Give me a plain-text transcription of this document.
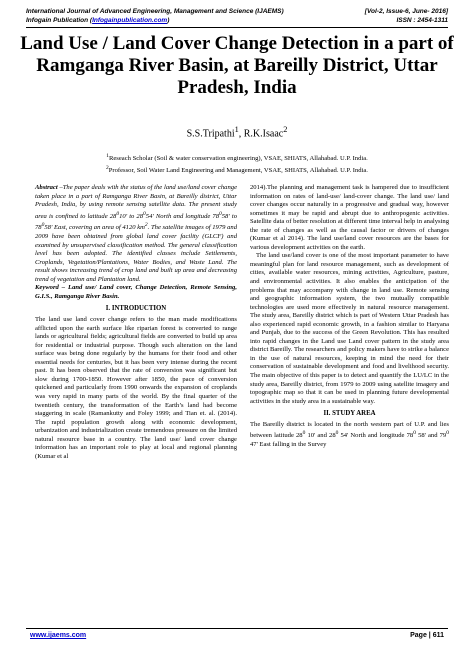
International Journal of Advanced Engineering, Management and Science (IJAEMS)	[Vol-2, Issue-6, June- 2016]
Infogain Publication (Infogainpublication.com)	ISSN : 2454-1311
Land Use / Land Cover Change Detection in a part of Ramganga River Basin, at Bareilly District, Uttar Pradesh, India
S.S.Tripathi$^1$, R.K.Isaac$^2$
$^1$Reseach Scholar (Soil & water conservation engineering), VSAE, SHIATS, Allahabad. U.P. India.
$^2$Professor, Soil Water Land Engineering and Management, VSAE, SHIATS, Allahabad. U.P. India.

Abstract –The paper deals with the status of the land use/land cover change taken place in a part of Ramganga River Basin, at Bareilly district, Uttar Pradesh, India, by using remote sensing satellite data. The present study area is confined to latitude $28^010'$ to $28^054'$ North and longitude $78^058'$ to $78^058'$ East, covering an area of 4120 $km^2$. The satellite images of 1979 and 2009 have been obtained from global land cover facility (GLCF) and examined by unsupervised classification method. The general classification level has been adopted. The identified classes include Settlements, Croplands, Vegetation/Plantations, Water Bodies, and Waste Land. The result shows increasing trend of crop land and built up area and decreasing trend of vegetation and Plantation land.

Keyword – Land use/ Land cover, Change Detection, Remote Sensing, G.I.S., Ramganga River Basin.

I. INTRODUCTION

The land use land cover change refers to the man made modifications afflicted upon the earth surface like riparian forest is converted to range lands or agricultural fields; agricultural fields are converted to build up area for residential or industrial purpose. Though such alteration on the land surface was being done regularly by the humans for their food and other essential needs for centuries, but it has been very intense during the recent past. It has been observed that the rate of conversion was significant but slow during 1700-1850. However after 1850, the pace of conversion quickened and particularly from 1990 onwards the expansion of croplands was very rapid in many parts of the world. By the final quarter of the twentieth century, the transformation of the Earth’s land had become staggering in scale (Ramankutty and Foley 1999; and Tian et. al. (2014). The rapid population growth along with economic development, urbanization and industrialization create tremendous pressure on the limited natural resource base in a country. The land use/ land cover change information has an important role to play at local and regional planning (Kumar et al

2014).The planning and management task is hampered due to insufficient information on rates of land-use/ land-cover change. The land use/ land cover changes occur naturally in a progressive and gradual way, however sometimes it may be rapid and abrupt due to anthropogenic activities. Satellite data of better resolution at different time interval help in analysing the rate of changes as well as the causal factor or drivers of changes (Kumar et al 2014). The land use/land cover resources are the bases for various development activities on the earth.

The land use/land cover is one of the most important parameter to have meaningful plan for land resource management, such as development of cities, available water resources, mining activities, Agriculture, pasture, and environmental activities. It also enables the anticipation of the problems that may accompany with change in land use. Remote sensing and geographic information system, the two mutually compatible technologies are used more effectively in natural resource management. The study area, Bareilly district which is part of Western Uttar Pradesh has also experienced rapid economic growth, in a fashion similar to Haryana and Punjab, due to the success of the Green Revolution. This has resulted into rapid changes in the Land use Land cover pattern in the study area district Bareilly. The researchers and policy makers have to strike a balance in the use of natural resources, keeping in mind the need for their conservation of sustainable development and food and livelihood security. The main objective of this paper is to detect and quantify the LU/LC in the study area, Bareilly district, from 1979 to 2009 using satellite imagery and topographic map so that it can be used in planning future developmental activities in the study area in a sustainable way.

II. STUDY AREA

The Bareilly district is located in the north western part of U.P. and lies between latitude $28^0$ 10' and $28^0$ 54' North and longitude $78^0$ 58' and $79^0$ 47' East falling in the Survey

www.ijaems.com	Page | 611
